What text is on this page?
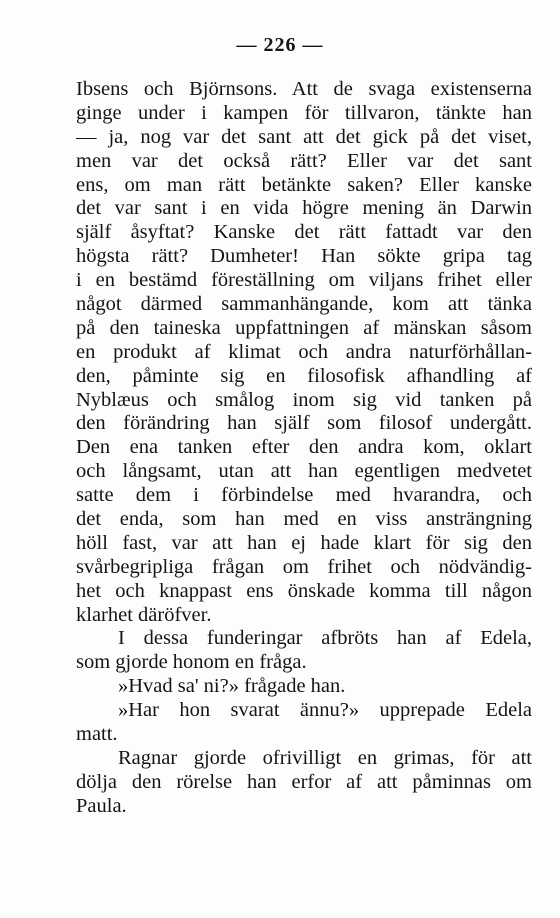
— 226 —
Ibsens och Björnsons. Att de svaga existenserna
ginge under i kampen för tillvaron, tänkte han
— ja, nog var det sant att det gick på det viset,
men var det också rätt? Eller var det sant
ens, om man rätt betänkte saken? Eller kanske
det var sant i en vida högre mening än Darwin
själf åsyftat? Kanske det rätt fattadt var den
högsta rätt? Dumheter! Han sökte gripa tag
i en bestämd föreställning om viljans frihet eller
något därmed sammanhängande, kom att tänka
på den taineska uppfattningen af mänskan såsom
en produkt af klimat och andra naturförhållan-
den, påminte sig en filosofisk afhandling af
Nyblæus och smålog inom sig vid tanken på
den förändring han själf som filosof undergått.
Den ena tanken efter den andra kom, oklart
och långsamt, utan att han egentligen medvetet
satte dem i förbindelse med hvarandra, och
det enda, som han med en viss ansträngning
höll fast, var att han ej hade klart för sig den
svårbegripliga frågan om frihet och nödvändig-
het och knappast ens önskade komma till någon
klarhet däröfver.
I dessa funderingar afbröts han af Edela,
som gjorde honom en fråga.
»Hvad sa' ni?» frågade han.
»Har hon svarat ännu?» upprepade Edela
matt.
Ragnar gjorde ofrivilligt en grimas, för att
dölja den rörelse han erfor af att påminnas om
Paula.
